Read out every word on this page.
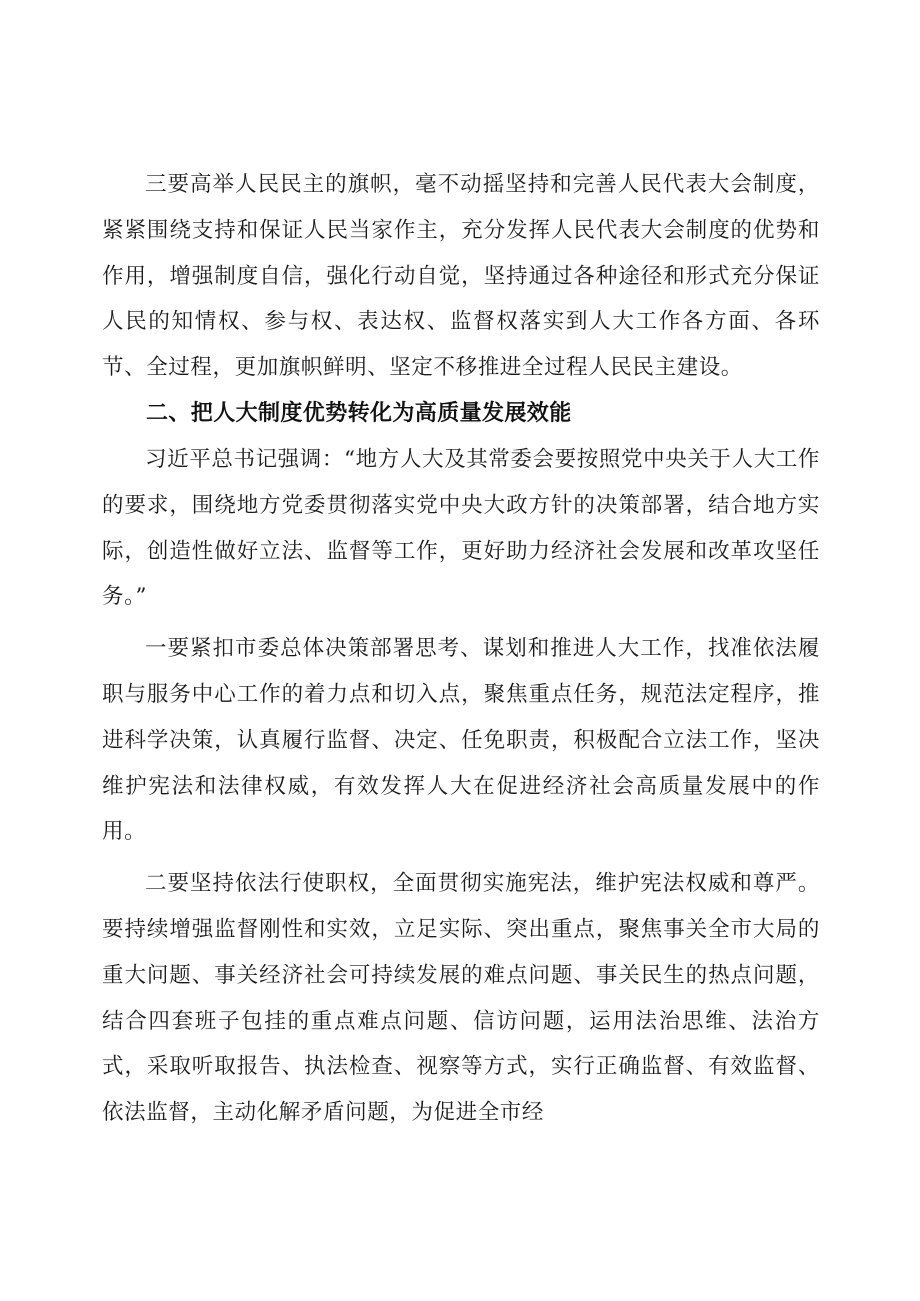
三要高举人民民主的旗帜，毫不动摇坚持和完善人民代表大会制度，紧紧围绕支持和保证人民当家作主，充分发挥人民代表大会制度的优势和作用，增强制度自信，强化行动自觉，坚持通过各种途径和形式充分保证人民的知情权、参与权、表达权、监督权落实到人大工作各方面、各环节、全过程，更加旗帜鲜明、坚定不移推进全过程人民民主建设。

二、把人大制度优势转化为高质量发展效能

习近平总书记强调：“地方人大及其常委会要按照党中央关于人大工作的要求，围绕地方党委贯彻落实党中央大政方针的决策部署，结合地方实际，创造性做好立法、监督等工作，更好助力经济社会发展和改革攻坚任务。”

一要紧扣市委总体决策部署思考、谋划和推进人大工作，找准依法履职与服务中心工作的着力点和切入点，聚焦重点任务，规范法定程序，推进科学决策，认真履行监督、决定、任免职责，积极配合立法工作，坚决维护宪法和法律权威，有效发挥人大在促进经济社会高质量发展中的作用。

二要坚持依法行使职权，全面贯彻实施宪法，维护宪法权威和尊严。要持续增强监督刚性和实效，立足实际、突出重点，聚焦事关全市大局的重大问题、事关经济社会可持续发展的难点问题、事关民生的热点问题，结合四套班子包挂的重点难点问题、信访问题，运用法治思维、法治方式，采取听取报告、执法检查、视察等方式，实行正确监督、有效监督、依法监督，主动化解矛盾问题，为促进全市经
